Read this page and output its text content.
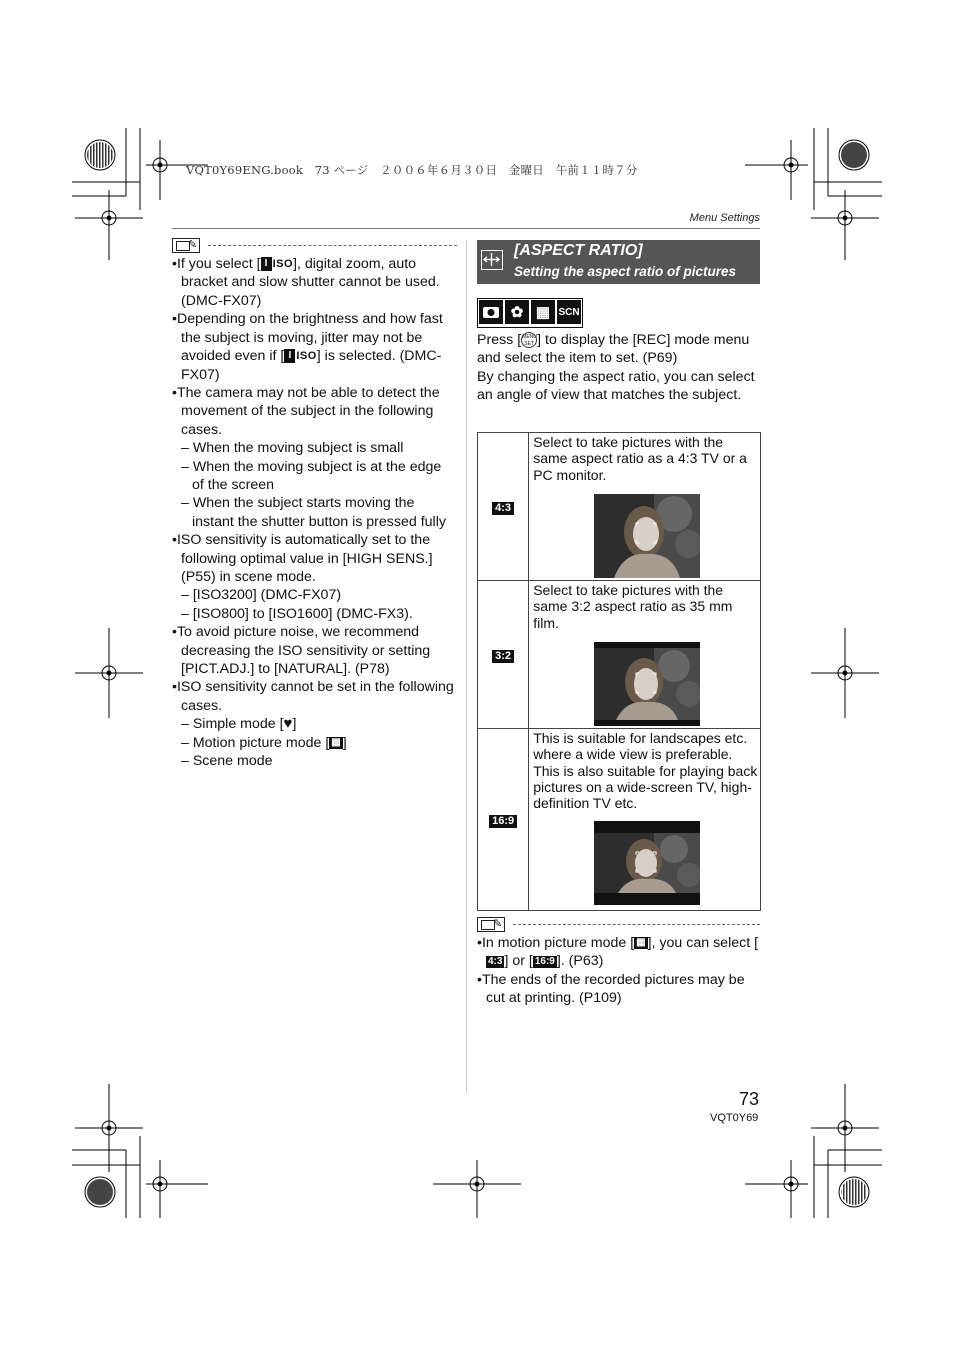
VQT0Y69ENG.book　73 ページ　２００６年６月３０日　金曜日　午前１１時７分
Menu Settings
✎

•If you select [ I ISO], digital zoom, auto bracket and slow shutter cannot be used. (DMC-FX07)

•Depending on the brightness and how fast the subject is moving, jitter may not be avoided even if [ I ISO] is selected. (DMC-FX07)

•The camera may not be able to detect the movement of the subject in the following cases.

– When the moving subject is small

– When the moving subject is at the edge of the screen

– When the subject starts moving the instant the shutter button is pressed fully

•ISO sensitivity is automatically set to the following optimal value in [HIGH SENS.] (P55) in scene mode.

– [ISO3200] (DMC-FX07)

– [ISO800] to [ISO1600] (DMC-FX3).

•To avoid picture noise, we recommend decreasing the ISO sensitivity or setting [PICT.ADJ.] to [NATURAL]. (P78)

•ISO sensitivity cannot be set in the following cases.

– Simple mode [♥]

– Motion picture mode [ ▦ ]

– Scene mode

[ASPECT RATIO]
Setting the aspect ratio of pictures
✿ ▦ SCN

Press [MENU SET ] to display the [REC] mode menu and select the item to set. (P69)

By changing the aspect ratio, you can select an angle of view that matches the subject.

4:3	Select to take pictures with the same aspect ratio as a 4:3 TV or a PC monitor.

3:2	Select to take pictures with the same 3:2 aspect ratio as 35 mm film.

16:9	This is suitable for landscapes etc. where a wide view is preferable. This is also suitable for playing back pictures on a wide-screen TV, high-definition TV etc.

✎

•In motion picture mode [ ▦ ], you can select [4:3 ] or [ 16:9 ]. (P63)

•The ends of the recorded pictures may be cut at printing. (P109)

73
VQT0Y69
